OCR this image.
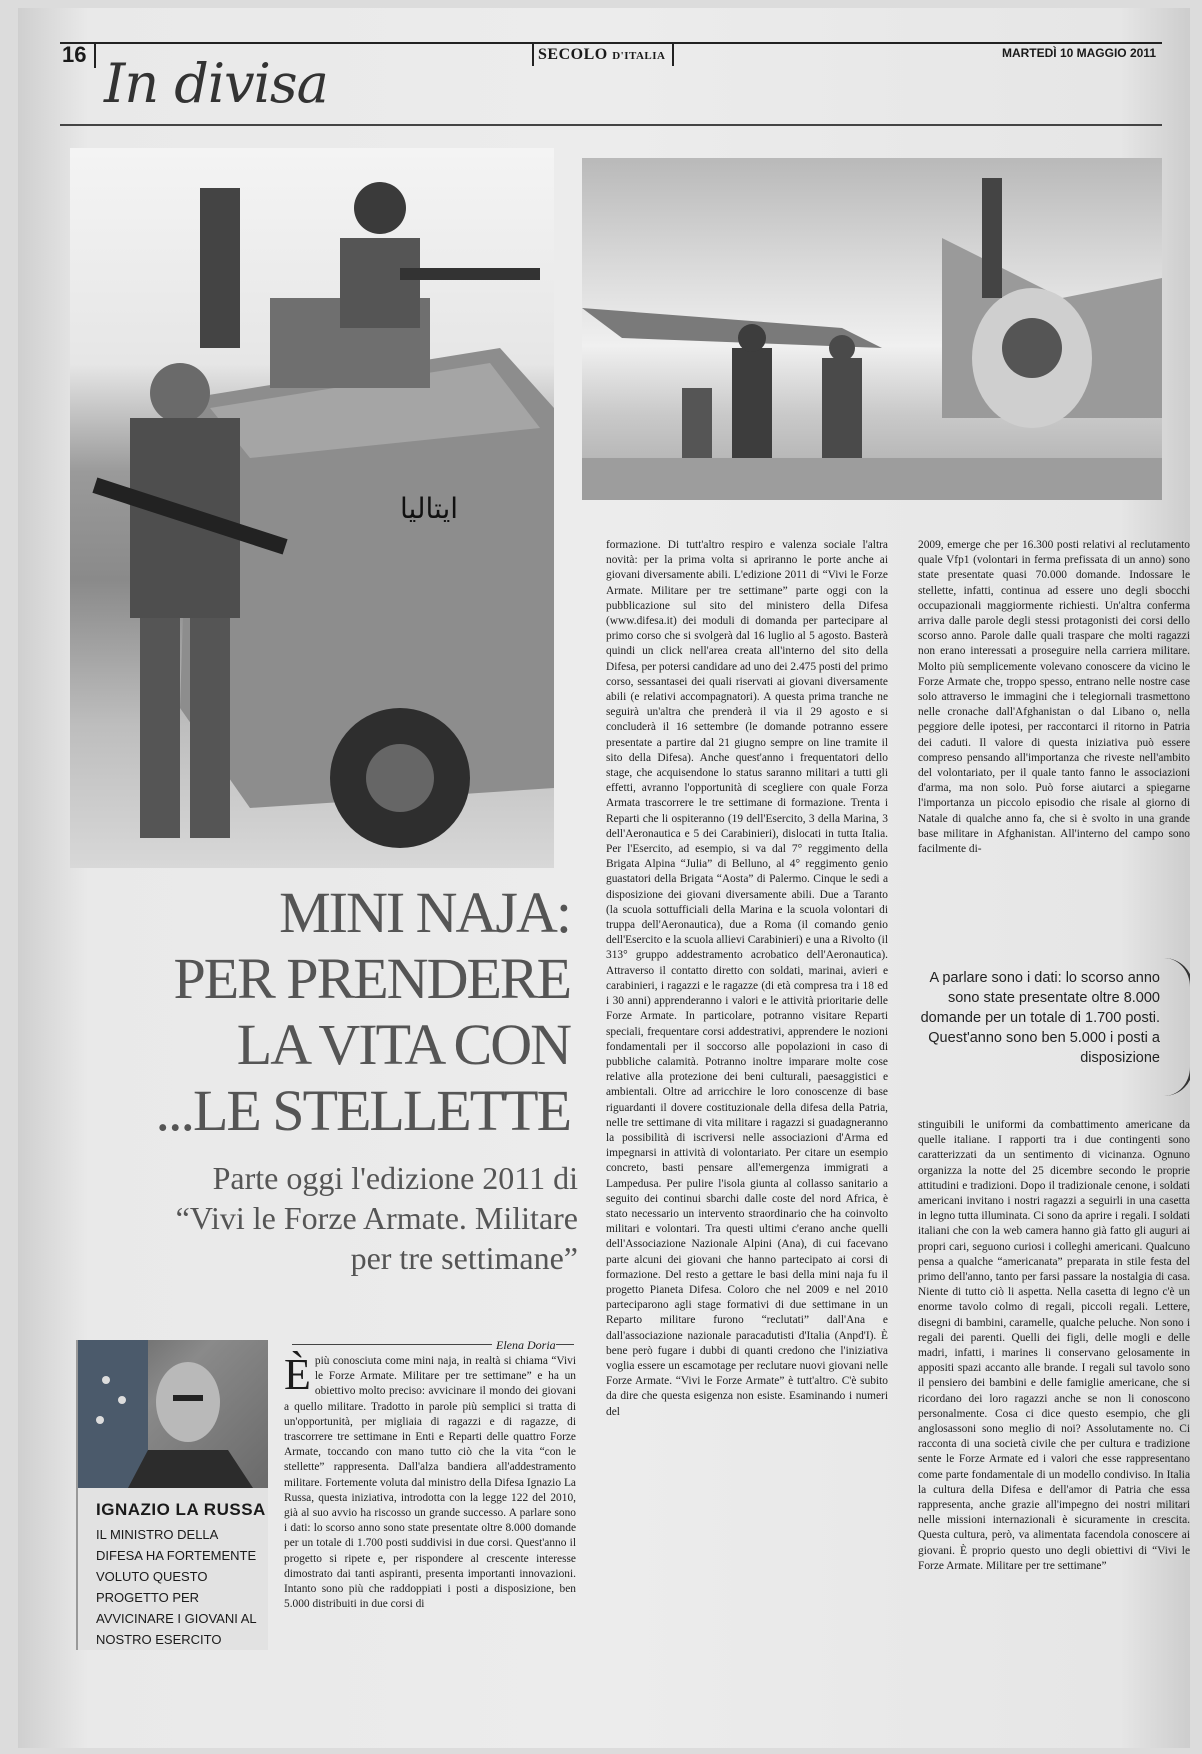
16 In divisa	SECOLO D'ITALIA	MARTEDÌ 10 MAGGIO 2011
ايتاليا
MINI NAJA:
PER PRENDERE
LA VITA CON
...LE STELLETTE
Parte oggi l'edizione 2011 di “Vivi le Forze Armate. Militare per tre settimane”
IGNAZIO LA RUSSA
IL MINISTRO DELLA DIFESA HA FORTEMENTE VOLUTO QUESTO PROGETTO PER AVVICINARE I GIOVANI AL NOSTRO ESERCITO
Elena Doria
È più conosciuta come mini naja, in realtà si chiama “Vivi le Forze Armate. Militare per tre settimane” e ha un obiettivo molto preciso: avvicinare il mondo dei giovani a quello militare. Tradotto in parole più semplici si tratta di un'opportunità, per migliaia di ragazzi e di ragazze, di trascorrere tre settimane in Enti e Reparti delle quattro Forze Armate, toccando con mano tutto ciò che la vita “con le stellette” rappresenta. Dall'alza bandiera all'addestramento militare. Fortemente voluta dal ministro della Difesa Ignazio La Russa, questa iniziativa, introdotta con la legge 122 del 2010, già al suo avvio ha riscosso un grande successo. A parlare sono i dati: lo scorso anno sono state presentate oltre 8.000 domande per un totale di 1.700 posti suddivisi in due corsi. Quest'anno il progetto si ripete e, per rispondere al crescente interesse dimostrato dai tanti aspiranti, presenta importanti innovazioni. Intanto sono più che raddoppiati i posti a disposizione, ben 5.000 distribuiti in due corsi di
formazione. Di tutt'altro respiro e valenza sociale l'altra novità: per la prima volta si apriranno le porte anche ai giovani diversamente abili. L'edizione 2011 di “Vivi le Forze Armate. Militare per tre settimane” parte oggi con la pubblicazione sul sito del ministero della Difesa (www.difesa.it) dei moduli di domanda per partecipare al primo corso che si svolgerà dal 16 luglio al 5 agosto. Basterà quindi un click nell'area creata all'interno del sito della Difesa, per potersi candidare ad uno dei 2.475 posti del primo corso, sessantasei dei quali riservati ai giovani diversamente abili (e relativi accompagnatori). A questa prima tranche ne seguirà un'altra che prenderà il via il 29 agosto e si concluderà il 16 settembre (le domande potranno essere presentate a partire dal 21 giugno sempre on line tramite il sito della Difesa). Anche quest'anno i frequentatori dello stage, che acquisendone lo status saranno militari a tutti gli effetti, avranno l'opportunità di scegliere con quale Forza Armata trascorrere le tre settimane di formazione. Trenta i Reparti che li ospiteranno (19 dell'Esercito, 3 della Marina, 3 dell'Aeronautica e 5 dei Carabinieri), dislocati in tutta Italia. Per l'Esercito, ad esempio, si va dal 7° reggimento della Brigata Alpina “Julia” di Belluno, al 4° reggimento genio guastatori della Brigata “Aosta” di Palermo. Cinque le sedi a disposizione dei giovani diversamente abili. Due a Taranto (la scuola sottufficiali della Marina e la scuola volontari di truppa dell'Aeronautica), due a Roma (il comando genio dell'Esercito e la scuola allievi Carabinieri) e una a Rivolto (il 313° gruppo addestramento acrobatico dell'Aeronautica). Attraverso il contatto diretto con soldati, marinai, avieri e carabinieri, i ragazzi e le ragazze (di età compresa tra i 18 ed i 30 anni) apprenderanno i valori e le attività prioritarie delle Forze Armate. In particolare, potranno visitare Reparti speciali, frequentare corsi addestrativi, apprendere le nozioni fondamentali per il soccorso alle popolazioni in caso di pubbliche calamità. Potranno inoltre imparare molte cose relative alla protezione dei beni culturali, paesaggistici e ambientali. Oltre ad arricchire le loro conoscenze di base riguardanti il dovere costituzionale della difesa della Patria, nelle tre settimane di vita militare i ragazzi si guadagneranno la possibilità di iscriversi nelle associazioni d'Arma ed impegnarsi in attività di volontariato. Per citare un esempio concreto, basti pensare all'emergenza immigrati a Lampedusa. Per pulire l'isola giunta al collasso sanitario a seguito dei continui sbarchi dalle coste del nord Africa, è stato necessario un intervento straordinario che ha coinvolto militari e volontari. Tra questi ultimi c'erano anche quelli dell'Associazione Nazionale Alpini (Ana), di cui facevano parte alcuni dei giovani che hanno partecipato ai corsi di formazione. Del resto a gettare le basi della mini naja fu il progetto Pianeta Difesa. Coloro che nel 2009 e nel 2010 parteciparono agli stage formativi di due settimane in un Reparto militare furono “reclutati” dall'Ana e dall'associazione nazionale paracadutisti d'Italia (Anpd'I). È bene però fugare i dubbi di quanti credono che l'iniziativa voglia essere un escamotage per reclutare nuovi giovani nelle Forze Armate. “Vivi le Forze Armate” è tutt'altro. C'è subito da dire che questa esigenza non esiste. Esaminando i numeri del
2009, emerge che per 16.300 posti relativi al reclutamento quale Vfp1 (volontari in ferma prefissata di un anno) sono state presentate quasi 70.000 domande. Indossare le stellette, infatti, continua ad essere uno degli sbocchi occupazionali maggiormente richiesti. Un'altra conferma arriva dalle parole degli stessi protagonisti dei corsi dello scorso anno. Parole dalle quali traspare che molti ragazzi non erano interessati a proseguire nella carriera militare. Molto più semplicemente volevano conoscere da vicino le Forze Armate che, troppo spesso, entrano nelle nostre case solo attraverso le immagini che i telegiornali trasmettono nelle cronache dall'Afghanistan o dal Libano o, nella peggiore delle ipotesi, per raccontarci il ritorno in Patria dei caduti. Il valore di questa iniziativa può essere compreso pensando all'importanza che riveste nell'ambito del volontariato, per il quale tanto fanno le associazioni d'arma, ma non solo. Può forse aiutarci a spiegarne l'importanza un piccolo episodio che risale al giorno di Natale di qualche anno fa, che si è svolto in una grande base militare in Afghanistan. All'interno del campo sono facilmente di-
A parlare sono i dati: lo scorso anno sono state presentate oltre 8.000 domande per un totale di 1.700 posti. Quest'anno sono ben 5.000 i posti a disposizione
stinguibili le uniformi da combattimento americane da quelle italiane. I rapporti tra i due contingenti sono caratterizzati da un sentimento di vicinanza. Ognuno organizza la notte del 25 dicembre secondo le proprie attitudini e tradizioni. Dopo il tradizionale cenone, i soldati americani invitano i nostri ragazzi a seguirli in una casetta in legno tutta illuminata. Ci sono da aprire i regali. I soldati italiani che con la web camera hanno già fatto gli auguri ai propri cari, seguono curiosi i colleghi americani. Qualcuno pensa a qualche “americanata” preparata in stile festa del primo dell'anno, tanto per farsi passare la nostalgia di casa. Niente di tutto ciò li aspetta. Nella casetta di legno c'è un enorme tavolo colmo di regali, piccoli regali. Lettere, disegni di bambini, caramelle, qualche peluche. Non sono i regali dei parenti. Quelli dei figli, delle mogli e delle madri, infatti, i marines li conservano gelosamente in appositi spazi accanto alle brande. I regali sul tavolo sono il pensiero dei bambini e delle famiglie americane, che si ricordano dei loro ragazzi anche se non li conoscono personalmente. Cosa ci dice questo esempio, che gli anglosassoni sono meglio di noi? Assolutamente no. Ci racconta di una società civile che per cultura e tradizione sente le Forze Armate ed i valori che esse rappresentano come parte fondamentale di un modello condiviso. In Italia la cultura della Difesa e dell'amor di Patria che essa rappresenta, anche grazie all'impegno dei nostri militari nelle missioni internazionali è sicuramente in crescita. Questa cultura, però, va alimentata facendola conoscere ai giovani. È proprio questo uno degli obiettivi di “Vivi le Forze Armate. Militare per tre settimane”
